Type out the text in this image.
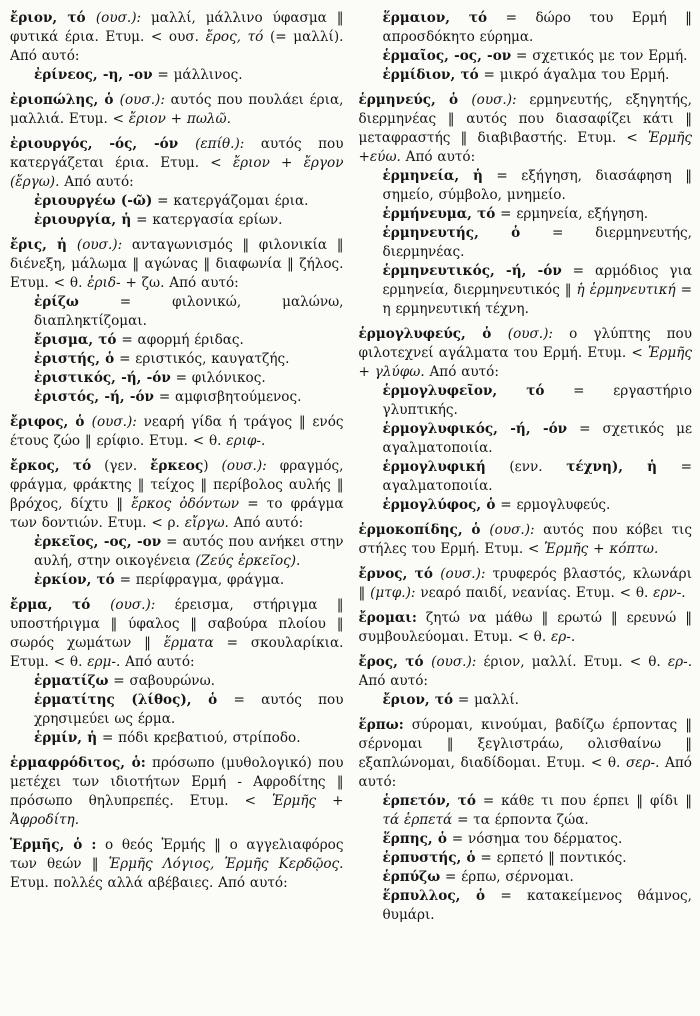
ἔριον, τό (ουσ.): μαλλί, μάλλινο ύφασμα ‖ φυτικά έρια. Ετυμ. < ουσ. ἔρος, τό (= μαλλί). Από αυτό:

ἐρίνεος, -η, -ον = μάλλινος.

ἐριοπώλης, ὁ (ουσ.): αυτός που πουλάει έρια, μαλλιά. Ετυμ. < ἔριον + πωλῶ.

ἐριουργός, -ός, -όν (επίθ.): αυτός που κατεργάζεται έρια. Ετυμ. < ἔριον + ἔργον (ἔργω). Από αυτό:

ἐριουργέω (-ῶ) = κατεργάζομαι έρια.

ἐριουργία, ἡ = κατεργασία ερίων.

ἔρις, ἡ (ουσ.): ανταγωνισμός ‖ φιλονικία ‖ διένεξη, μάλωμα ‖ αγώνας ‖ διαφωνία ‖ ζήλος. Ετυμ. < θ. ἐριδ- + ζω. Από αυτό:

ἐρίζω = φιλονικώ, μαλώνω, διαπληκτίζομαι.

ἔρισμα, τό = αφορμή έριδας.

ἐριστής, ὁ = εριστικός, καυγατζής.

ἐριστικός, -ή, -όν = φιλόνικος.

ἐριστός, -ή, -όν = αμφισβητούμενος.

ἔριφος, ὁ (ουσ.): νεαρή γίδα ή τράγος ‖ ενός έτους ζώο ‖ ερίφιο. Ετυμ. < θ. εριφ-.

ἔρκος, τό (γεν. ἔρκεος) (ουσ.): φραγμός, φράγμα, φράκτης ‖ τείχος ‖ περίβολος αυλής ‖ βρόχος, δίχτυ ‖ ἔρκος ὀδόντων = το φράγμα των δοντιών. Ετυμ. < ρ. εἴργω. Από αυτό:

ἐρκεῖος, -ος, -ον = αυτός που ανήκει στην αυλή, στην οικογένεια (Ζεύς ἐρκεῖος).

ἐρκίον, τό = περίφραγμα, φράγμα.

ἔρμα, τό (ουσ.): έρεισμα, στήριγμα ‖ υποστήριγμα ‖ ύφαλος ‖ σαβούρα πλοίου ‖ σωρός χωμάτων ‖ ἕρματα = σκουλαρίκια. Ετυμ. < θ. ερμ-. Από αυτό:

ἑρματίζω = σαβουρώνω.

ἑρματίτης (λίθος), ὁ = αυτός που χρησιμεύει ως έρμα.

ἑρμίν, ἡ = πόδι κρεβατιού, στρίποδο.

ἑρμαφρόδιτος, ὁ: πρόσωπο (μυθολογικό) που μετέχει των ιδιοτήτων Ερμή - Αφροδίτης ‖ πρόσωπο θηλυπρεπές. Ετυμ. < Ἑρμῆς + Ἀφροδίτη.

Ἑρμῆς, ὁ : ο θεός Ἑρμής ‖ ο αγγελιαφόρος των θεών ‖ Ἑρμῆς Λόγιος, Ἑρμῆς Κερδῷος. Ετυμ. πολλές αλλά αβέβαιες. Από αυτό:

ἕρμαιον, τό = δώρο του Ερμή ‖ απροσδόκητο εύρημα.

ἑρμαῖος, -ος, -ον = σχετικός με τον Ερμή.

ἑρμίδιον, τό = μικρό άγαλμα του Ερμή.

ἑρμηνεύς, ὁ (ουσ.): ερμηνευτής, εξηγητής, διερμηνέας ‖ αυτός που διασαφίζει κάτι ‖ μεταφραστής ‖ διαβιβαστής. Ετυμ. < Ἑρμῆς +εύω. Από αυτό:

ἑρμηνεία, ἡ = εξήγηση, διασάφηση ‖ σημείο, σύμβολο, μνημείο.

ἑρμήνευμα, τό = ερμηνεία, εξήγηση.

ἑρμηνευτής, ὁ = διερμηνευτής, διερμηνέας.

ἑρμηνευτικός, -ή, -όν = αρμόδιος για ερμηνεία, διερμηνευτικός ‖ ἡ ἑρμηνευτική = η ερμηνευτική τέχνη.

ἑρμογλυφεύς, ὁ (ουσ.): ο γλύπτης που φιλοτεχνεί αγάλματα του Ερμή. Ετυμ. < Ἑρμῆς + γλύφω. Από αυτό:

ἑρμογλυφεῖον, τό = εργαστήριο γλυπτικής.

ἑρμογλυφικός, -ή, -όν = σχετικός με αγαλματοποιία.

ἑρμογλυφική (ενν. τέχνη), ἡ = αγαλματοποιία.

ἑρμογλύφος, ὁ = ερμογλυφεύς.

ἑρμοκοπίδης, ὁ (ουσ.): αυτός που κόβει τις στήλες του Ερμή. Ετυμ. < Ἑρμῆς + κόπτω.

ἔρνος, τό (ουσ.): τρυφερός βλαστός, κλωνάρι ‖ (μτφ.): νεαρό παιδί, νεανίας. Ετυμ. < θ. ερν-.

ἔρομαι: ζητώ να μάθω ‖ ερωτώ ‖ ερευνώ ‖ συμβουλεύομαι. Ετυμ. < θ. ερ-.

ἔρος, τό (ουσ.): έριον, μαλλί. Ετυμ. < θ. ερ-. Από αυτό:

ἔριον, τό = μαλλί.

ἕρπω: σύρομαι, κινούμαι, βαδίζω έρποντας ‖ σέρνομαι ‖ ξεγλιστράω, ολισθαίνω ‖ εξαπλώνομαι, διαδίδομαι. Ετυμ. < θ. σερ-. Από αυτό:

ἑρπετόν, τό = κάθε τι που έρπει ‖ φίδι ‖ τά ἑρπετά = τα έρποντα ζώα.

ἕρπης, ὁ = νόσημα του δέρματος.

ἑρπυστής, ὁ = ερπετό ‖ ποντικός.

ἑρπύζω = έρπω, σέρνομαι.

ἕρπυλλος, ὁ = κατακείμενος θάμνος, θυμάρι.
